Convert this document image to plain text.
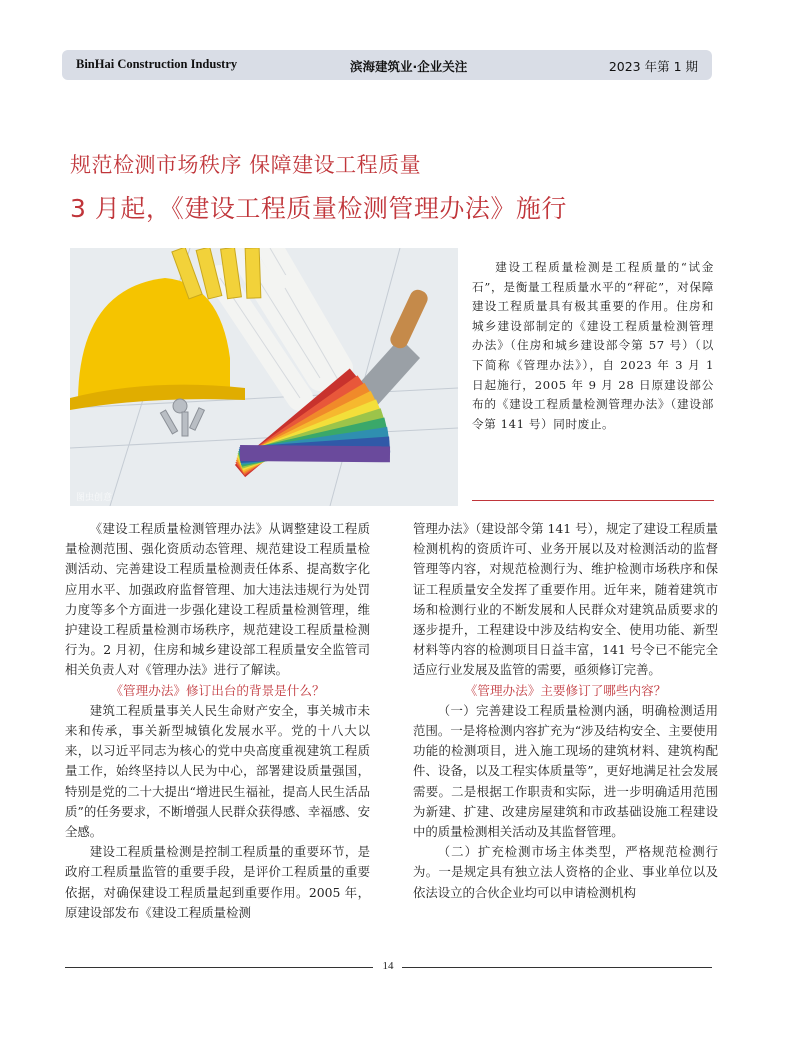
BinHai Construction Industry	滨海建筑业·企业关注	2023 年第 1 期
规范检测市场秩序 保障建设工程质量
3 月起，《建设工程质量检测管理办法》施行
图虫创意

建设工程质量检测是工程质量的“试金石”，是衡量工程质量水平的“秤砣”，对保障建设工程质量具有极其重要的作用。住房和城乡建设部制定的《建设工程质量检测管理办法》（住房和城乡建设部令第 57 号）（以下简称《管理办法》），自 2023 年 3 月 1 日起施行，2005 年 9 月 28 日原建设部公布的《建设工程质量检测管理办法》（建设部令第 141 号）同时废止。

《建设工程质量检测管理办法》从调整建设工程质量检测范围、强化资质动态管理、规范建设工程质量检测活动、完善建设工程质量检测责任体系、提高数字化应用水平、加强政府监督管理、加大违法违规行为处罚力度等多个方面进一步强化建设工程质量检测管理，维护建设工程质量检测市场秩序，规范建设工程质量检测行为。2 月初，住房和城乡建设部工程质量安全监管司相关负责人对《管理办法》进行了解读。

《管理办法》修订出台的背景是什么？

建筑工程质量事关人民生命财产安全，事关城市未来和传承，事关新型城镇化发展水平。党的十八大以来，以习近平同志为核心的党中央高度重视建筑工程质量工作，始终坚持以人民为中心，部署建设质量强国，特别是党的二十大提出“增进民生福祉，提高人民生活品质”的任务要求，不断增强人民群众获得感、幸福感、安全感。

建设工程质量检测是控制工程质量的重要环节，是政府工程质量监管的重要手段，是评价工程质量的重要依据，对确保建设工程质量起到重要作用。2005 年，原建设部发布《建设工程质量检测

管理办法》（建设部令第 141 号），规定了建设工程质量检测机构的资质许可、业务开展以及对检测活动的监督管理等内容，对规范检测行为、维护检测市场秩序和保证工程质量安全发挥了重要作用。近年来，随着建筑市场和检测行业的不断发展和人民群众对建筑品质要求的逐步提升，工程建设中涉及结构安全、使用功能、新型材料等内容的检测项目日益丰富，141 号令已不能完全适应行业发展及监管的需要，亟须修订完善。

《管理办法》主要修订了哪些内容？

（一）完善建设工程质量检测内涵，明确检测适用范围。一是将检测内容扩充为“涉及结构安全、主要使用功能的检测项目，进入施工现场的建筑材料、建筑构配件、设备，以及工程实体质量等”，更好地满足社会发展需要。二是根据工作职责和实际，进一步明确适用范围为新建、扩建、改建房屋建筑和市政基础设施工程建设中的质量检测相关活动及其监督管理。

（二）扩充检测市场主体类型，严格规范检测行为。一是规定具有独立法人资格的企业、事业单位以及依法设立的合伙企业均可以申请检测机构

14
